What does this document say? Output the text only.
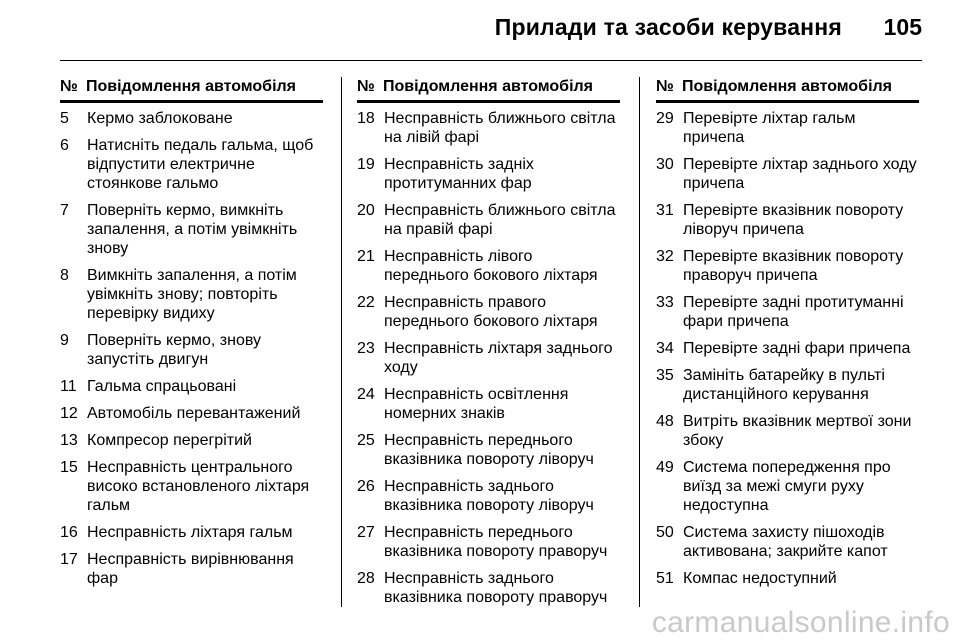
Прилади та засоби керування 105
№ Повідомлення автомобіля
5	Кермо заблоковане
6	Натисніть педаль гальма, щоб відпустити електричне стоянкове гальмо
7	Поверніть кермо, вимкніть запалення, а потім увімкніть знову
8	Вимкніть запалення, а потім увімкніть знову; повторіть перевірку видиху
9	Поверніть кермо, знову запустіть двигун
11 Гальма спрацьовані
12 Автомобіль перевантажений
13 Компресор перегрітий
15 Несправність центрального високо встановленого ліхтаря гальм
16 Несправність ліхтаря гальм
17 Несправність вирівнювання фар
№ Повідомлення автомобіля
18 Несправність ближнього світла на лівій фарі
19 Несправність задніх протитуманних фар
20 Несправність ближнього світла на правій фарі
21 Несправність лівого переднього бокового ліхтаря
22 Несправність правого переднього бокового ліхтаря
23 Несправність ліхтаря заднього ходу
24 Несправність освітлення номерних знаків
25 Несправність переднього вказівника повороту ліворуч
26 Несправність заднього вказівника повороту ліворуч
27 Несправність переднього вказівника повороту праворуч
28 Несправність заднього вказівника повороту праворуч
№ Повідомлення автомобіля
29 Перевірте ліхтар гальм причепа
30 Перевірте ліхтар заднього ходу причепа
31 Перевірте вказівник повороту ліворуч причепа
32 Перевірте вказівник повороту праворуч причепа
33 Перевірте задні протитуманні фари причепа
34 Перевірте задні фари причепа
35 Замініть батарейку в пульті дистанційного керування
48 Витріть вказівник мертвої зони збоку
49 Система попередження про виїзд за межі смуги руху недоступна
50 Система захисту пішоходів активована; закрийте капот
51 Компас недоступний
carmanualsonline.info
